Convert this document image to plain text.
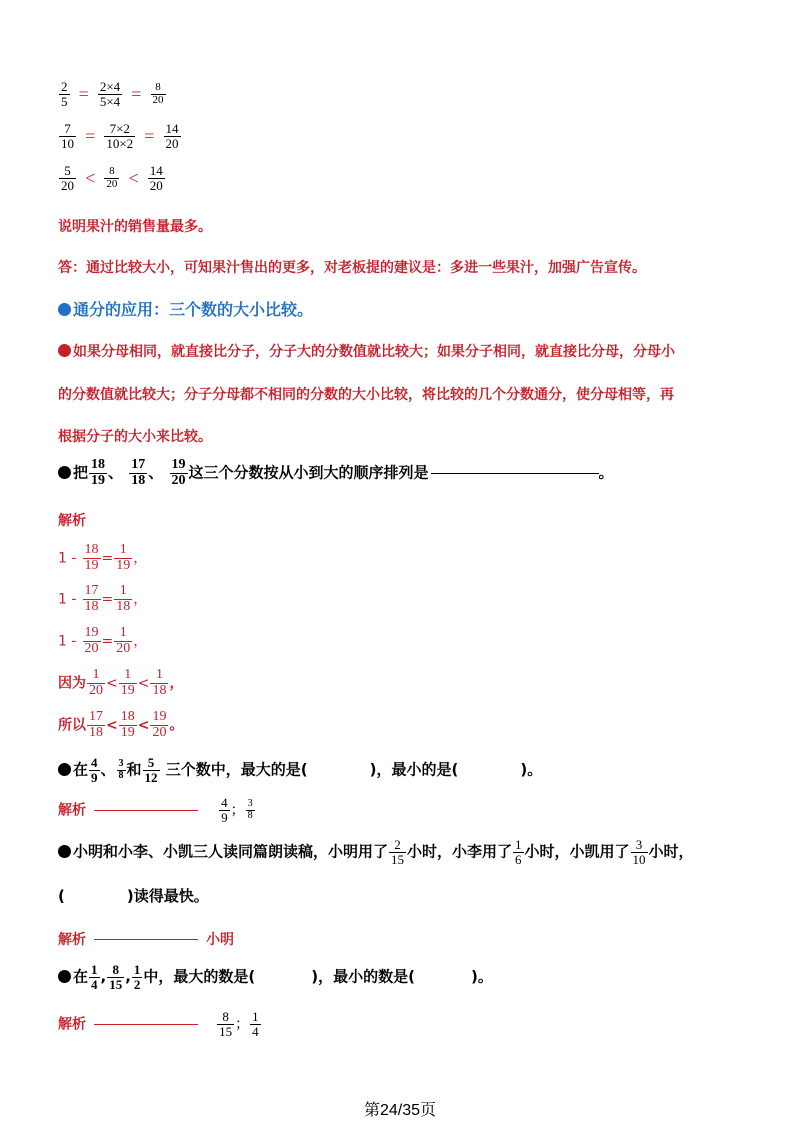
$\frac{2}{5} = \frac{2\times 4}{5\times 4} = \frac{8}{20}$
$\frac{7}{10} = \frac{7\times 2}{10\times 2} = \frac{14}{20}$
$\frac{5}{20} < \frac{8}{20} < \frac{14}{20}$
说明果汁的销售量最多。
答：通过比较大小，可知果汁售出的更多，对老板提的建议是：多进一些果汁，加强广告宣传。
通分的应用：三个数的大小比较。
如果分母相同，就直接比分子，分子大的分数值就比较大；如果分子相同，就直接比分母，分母小
的分数值就比较大；分子分母都不相同的分数的大小比较，将比较的几个分数通分，使分母相等，再
根据分子的大小来比较。
把 $\frac{18}{19}$ 、 $\frac{17}{18}$ 、 $\frac{19}{20}$ 这三个分数按从小到大的顺序排列是	。
解析
$1 - \frac{18}{19} = \frac{1}{19}$ ，
$1 - \frac{17}{18} = \frac{1}{18}$ ，
$1 - \frac{19}{20} = \frac{1}{20}$ ，
因为 $\frac{1}{20} < \frac{1}{19} < \frac{1}{18}$ ，
所以 $\frac{17}{18} < \frac{18}{19} < \frac{19}{20}$ 。
在 $\frac{4}{9}$ 、 $\frac{3}{8}$ 和 $\frac{5}{12}$ 三个数中，最大的是(	)，最小的是(	)。
解析	$\frac{4}{9}$ ； $\frac{3}{8}$
小明和小李、小凯三人读同篇朗读稿，小明用了 $\frac{2}{15}$ 小时，小李用了 $\frac{1}{6}$ 小时，小凯用了 $\frac{3}{10}$ 小时，
(	)读得最快。
解析	小明
在 $\frac{1}{4}$ , $\frac{8}{15}$ , $\frac{1}{2}$ 中，最大的数是(	)，最小的数是(	)。
解析	$\frac{8}{15}$ ； $\frac{1}{4}$
第24/35页
